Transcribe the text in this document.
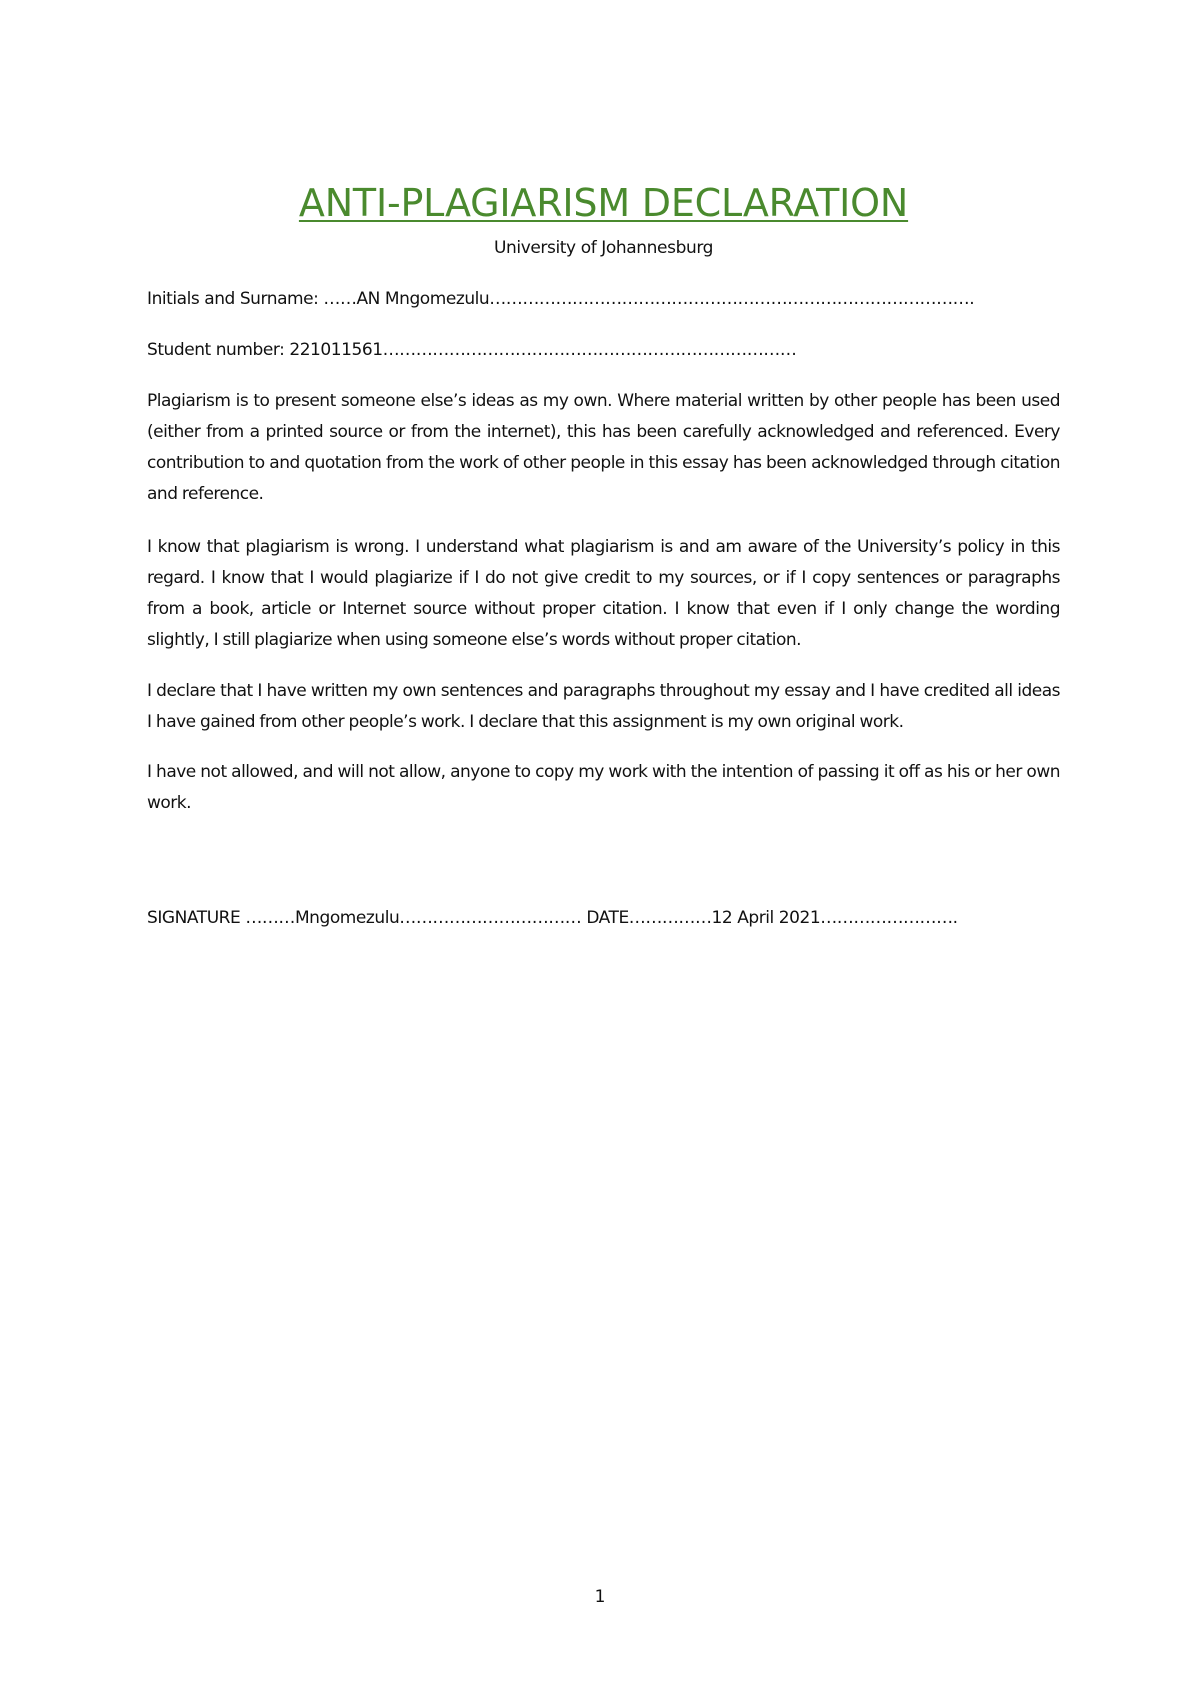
ANTI-PLAGIARISM DECLARATION
University of Johannesburg
Initials and Surname: ……AN Mngomezulu…………………………………………………………………………….
Student number: 221011561…………………………………………………………………

Plagiarism is to present someone else’s ideas as my own. Where material written by other people has been used (either from a printed source or from the internet), this has been carefully acknowledged and referenced. Every contribution to and quotation from the work of other people in this essay has been acknowledged through citation and reference.

I know that plagiarism is wrong. I understand what plagiarism is and am aware of the University’s policy in this regard. I know that I would plagiarize if I do not give credit to my sources, or if I copy sentences or paragraphs from a book, article or Internet source without proper citation. I know that even if I only change the wording slightly, I still plagiarize when using someone else’s words without proper citation.

I declare that I have written my own sentences and paragraphs throughout my essay and I have credited all ideas I have gained from other people’s work. I declare that this assignment is my own original work.

I have not allowed, and will not allow, anyone to copy my work with the intention of passing it off as his or her own work.

SIGNATURE ………Mngomezulu…………………………… DATE……………12 April 2021…………………….
1
